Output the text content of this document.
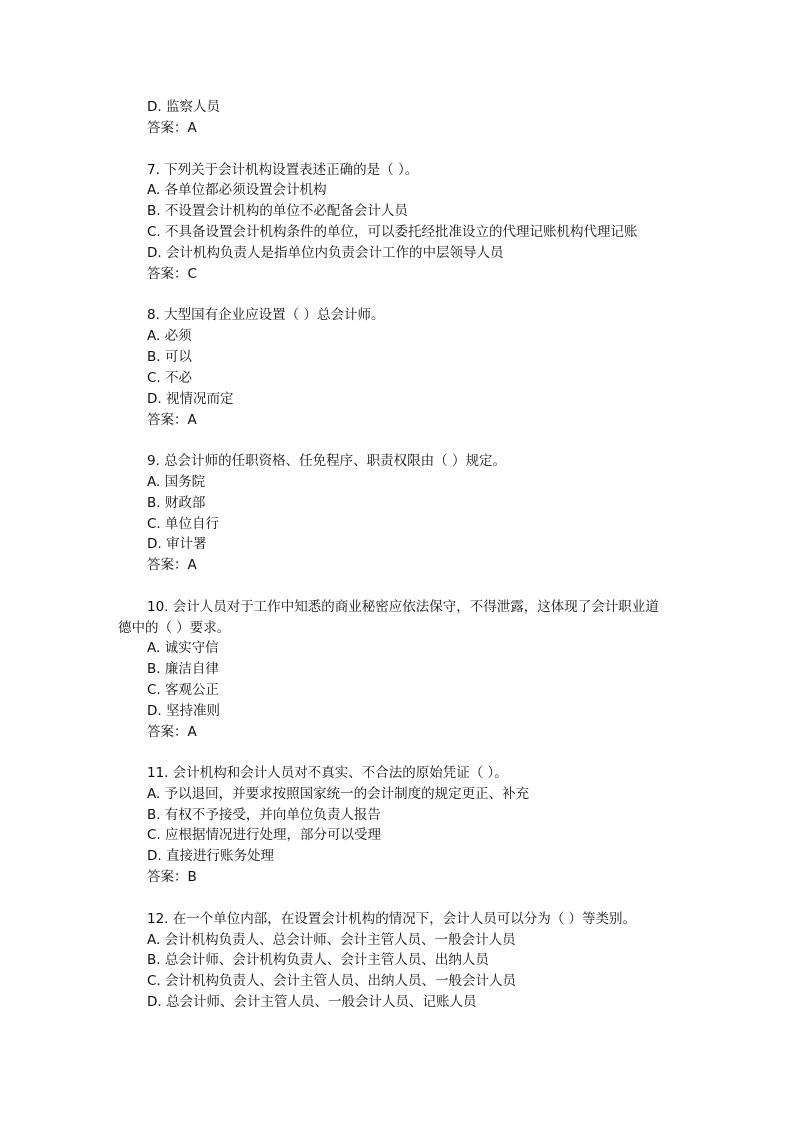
D. 监察人员

答案：A

7. 下列关于会计机构设置表述正确的是（ ）。

A. 各单位都必须设置会计机构

B. 不设置会计机构的单位不必配备会计人员

C. 不具备设置会计机构条件的单位，可以委托经批准设立的代理记账机构代理记账

D. 会计机构负责人是指单位内负责会计工作的中层领导人员

答案：C

8. 大型国有企业应设置（ ）总会计师。

A. 必须

B. 可以

C. 不必

D. 视情况而定

答案：A

9. 总会计师的任职资格、任免程序、职责权限由（ ）规定。

A. 国务院

B. 财政部

C. 单位自行

D. 审计署

答案：A

10. 会计人员对于工作中知悉的商业秘密应依法保守，不得泄露，这体现了会计职业道

德中的（ ）要求。

A. 诚实守信

B. 廉洁自律

C. 客观公正

D. 坚持准则

答案：A

11. 会计机构和会计人员对不真实、不合法的原始凭证（ ）。

A. 予以退回，并要求按照国家统一的会计制度的规定更正、补充

B. 有权不予接受，并向单位负责人报告

C. 应根据情况进行处理，部分可以受理

D. 直接进行账务处理

答案：B

12. 在一个单位内部，在设置会计机构的情况下，会计人员可以分为（ ）等类别。

A. 会计机构负责人、总会计师、会计主管人员、一般会计人员

B. 总会计师、会计机构负责人、会计主管人员、出纳人员

C. 会计机构负责人、会计主管人员、出纳人员、一般会计人员

D. 总会计师、会计主管人员、一般会计人员、记账人员
